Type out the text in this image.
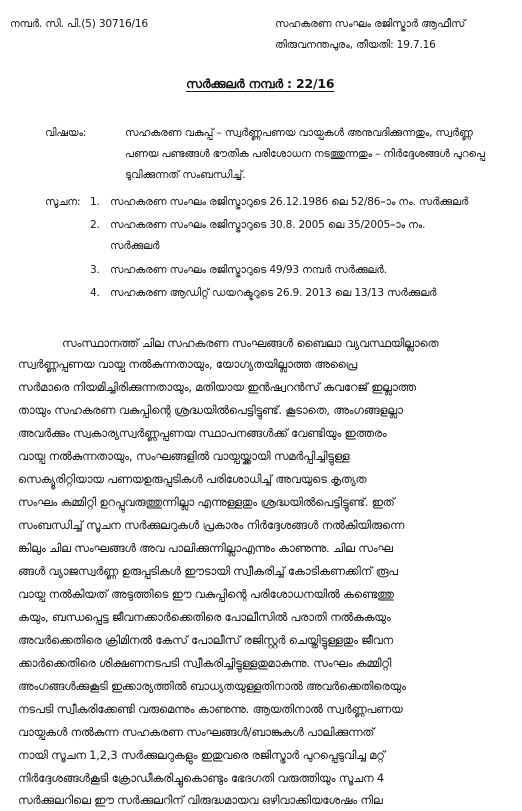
നമ്പർ. സി. പി.(5) 30716/16	സഹകരണ സംഘം രജിസ്ട്രാർ ആഫീസ്
തിരുവനന്തപുരം, തീയതി: 19.7.16
സർക്കുലർ നമ്പർ : 22/16
വിഷയം:	സഹകരണ വകുപ്പ് – സ്വർണ്ണപണയ വായ്പകൾ അനുവദിക്കുന്നതും, സ്വർണ്ണ
പണയ പണ്ടങ്ങൾ ഭൗതിക പരിശോധന നടത്തുന്നതും – നിർദ്ദേശങ്ങൾ പുറപ്പെ
ടുവിക്കുന്നത് സംബന്ധിച്ച്.
സൂചന: 1. സഹകരണ സംഘം രജിസ്ട്രാറുടെ 26.12.1986 ലെ 52/86–ാം നം. സർക്കുലർ
2. സഹകരണ സംഘം രജിസ്ട്രാറുടെ 30.8. 2005 ലെ 35/2005–ാം നം.
സർക്കുലർ
3. സഹകരണ സംഘം രജിസ്ട്രാറുടെ 49/93 നമ്പർ സർക്കുലർ.
4. സഹകരണ ആഡിറ്റ് ഡയറക്ടറുടെ 26.9. 2013 ലെ 13/13 സർക്കുലർ
സംസ്ഥാനത്ത് ചില സഹകരണ സംഘങ്ങൾ ബൈലാ വ്യവസ്ഥയില്ലാതെ
സ്വർണ്ണപ്പണയ വായ്പ നൽകുന്നതായും, യോഗ്യതയില്ലാത്ത അപ്രൈ
സർമാരെ നിയമിച്ചിരിക്കുന്നതായും, മതിയായ ഇൻഷ്വറൻസ് കവറേജ് ഇല്ലാത്ത
തായും സഹകരണ വകുപ്പിന്റെ ശ്രദ്ധയിൽപെട്ടിട്ടുണ്ട്. കൂടാതെ, അംഗങ്ങളല്ലാ
അവർക്കും സ്വകാര്യസ്വർണ്ണപ്പണയ സ്ഥാപനങ്ങൾക്ക് വേണ്ടിയും ഇത്തരം
വായ്പ നൽകുന്നതായും, സംഘങ്ങളിൽ വായ്പയ്ക്കായി സമർപ്പിച്ചിട്ടുള്ള
സെക്യൂരിറ്റിയായ പണയഉരുപ്പടികൾ പരിശോധിച്ച് അവയുടെ കൃത്യത
സംഘം കമ്മിറ്റി ഉറപ്പുവരുത്തുന്നില്ലാ എന്നുള്ളതും ശ്രദ്ധയിൽപെട്ടിട്ടുണ്ട്. ഇത്
സംബന്ധിച്ച് സൂചന സർക്കുലറുകൾ പ്രകാരം നിർദ്ദേശങ്ങൾ നൽകിയിരുന്നെ
ങ്കിലും ചില സംഘങ്ങൾ അവ പാലിക്കുന്നില്ലാഎന്നും കാണുന്നു. ചില സംഘ
ങ്ങൾ വ്യാജസ്വർണ്ണ ഉരുപ്പടികൾ ഈടായി സ്വീകരിച്ച് കോടികണക്കിന് രൂപ
വായ്പ നൽകിയത് അടുത്തിടെ ഈ വകുപ്പിന്റെ പരിശോധനയിൽ കണ്ടെത്തു
കയും, ബന്ധപ്പെട്ട ജീവനക്കാർക്കെതിരെ പോലീസിൽ പരാതി നൽകുകയും
അവർക്കെതിരെ ക്രിമിനൽ കേസ് പോലീസ് രജിസ്റ്റർ ചെയ്തിട്ടുള്ളതും ജീവന
ക്കാർക്കെതിരെ ശിക്ഷണനടപടി സ്വീകരിച്ചിട്ടുള്ളതുമാകുന്നു. സംഘം കമ്മിറ്റി
അംഗങ്ങൾക്കുകൂടി ഇക്കാര്യത്തിൽ ബാധ്യതയുള്ളതിനാൽ അവർക്കെതിരെയും
നടപടി സ്വീകരിക്കേണ്ടി വരുമെന്നും കാണുന്നു. ആയതിനാൽ സ്വർണ്ണപണയ
വായ്പകൾ നൽകുന്ന സഹകരണ സംഘങ്ങൾ/ബാങ്കുകൾ പാലിക്കുന്നത്
നായി സൂചന 1,2,3 സർക്കുലറുകളും ഇതുവരെ രജിസ്ട്രാർ പുറപ്പെടുവിച്ച മറ്റ്
നിർദ്ദേശങ്ങൾകൂടി ക്രോഡീകരിച്ചുകൊണ്ടും ഭേദഗതി വരുത്തിയും സൂചന 4
സർക്കുലറിലെ ഈ സർക്കുലറിന് വിരുദ്ധമായവ ഒഴിവാക്കിയശേഷം നില
